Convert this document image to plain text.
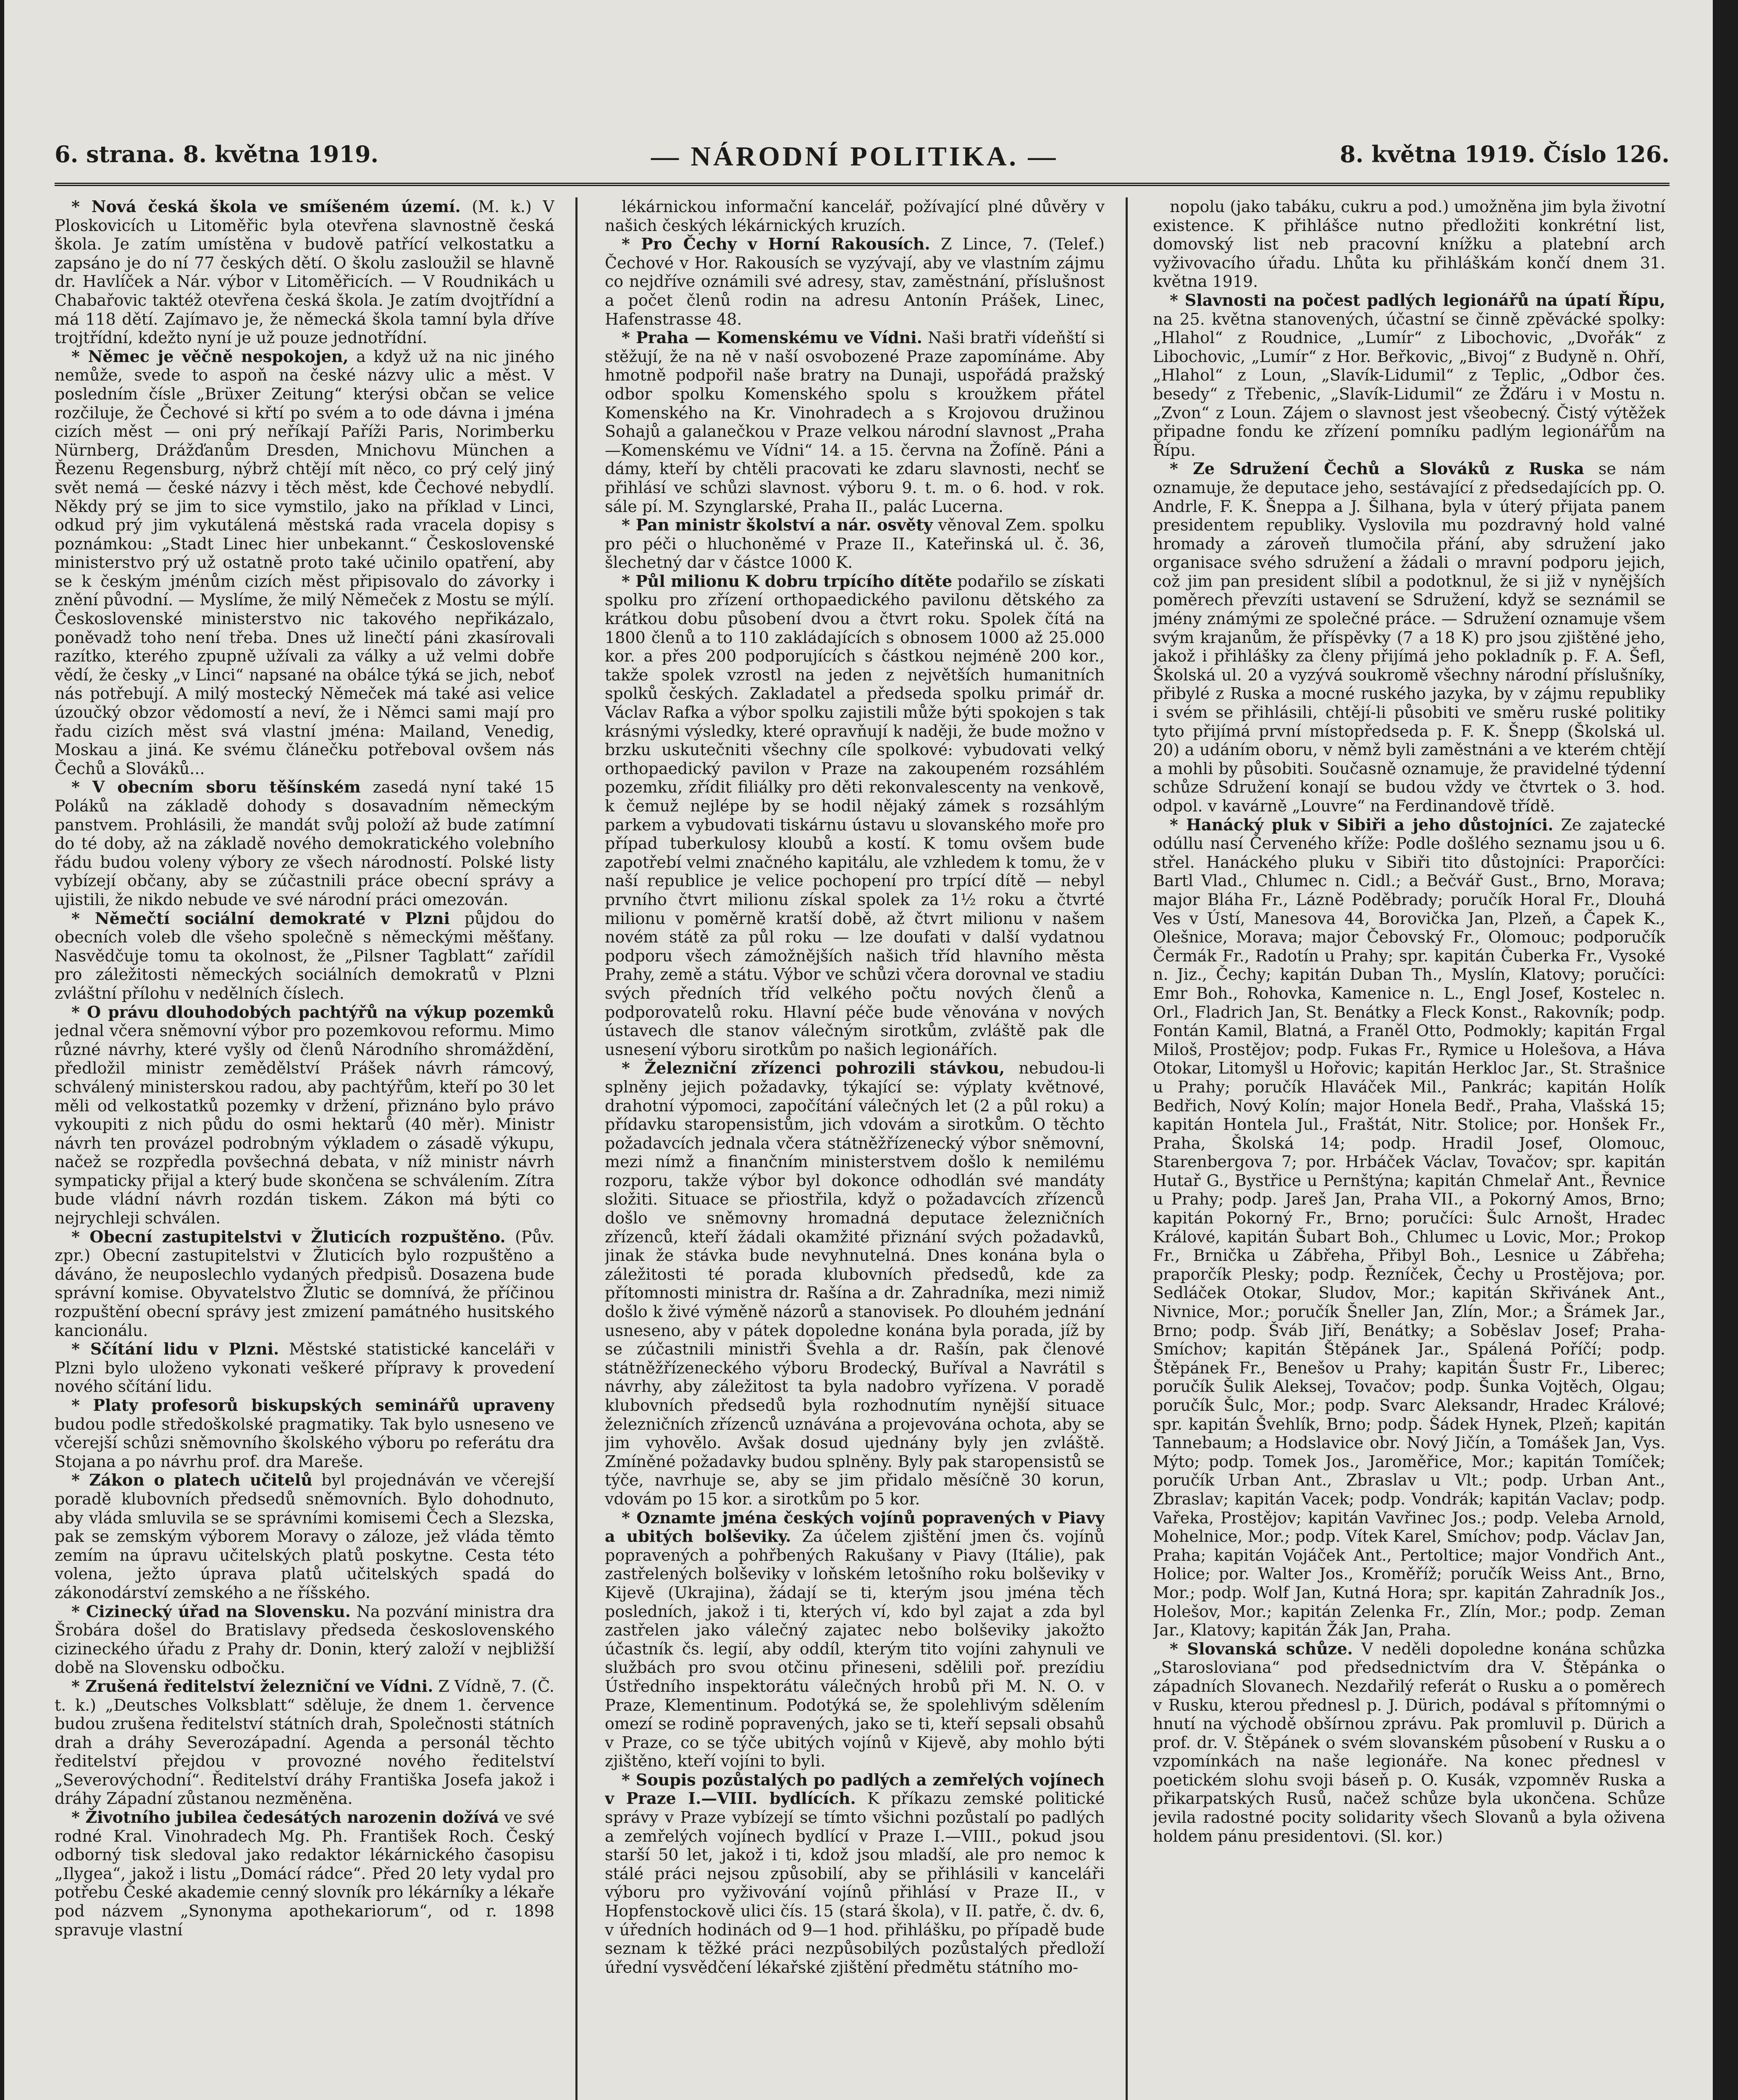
6. strana. 8. května 1919.	— NÁRODNÍ POLITIKA. —	8. května 1919. Číslo 126.

* Nová česká škola ve smíšeném území. (M. k.) V Ploskovicích u Litoměřic byla otevřena slavnostně česká škola. Je zatím umístěna v budově patřící velkostatku a zapsáno je do ní 77 českých dětí. O školu zasloužil se hlavně dr. Havlíček a Nár. výbor v Litoměřicích. — V Roudnikách u Chabařovic taktéž otevřena česká škola. Je zatím dvojtřídní a má 118 dětí. Zajímavo je, že německá škola tamní byla dříve trojtřídní, kdežto nyní je už pouze jednotřídní.

* Němec je věčně nespokojen, a když už na nic jiného nemůže, svede to aspoň na české názvy ulic a měst. V posledním čísle „Brüxer Zeitung“ kterýsi občan se velice rozčiluje, že Čechové si křtí po svém a to ode dávna i jména cizích měst — oni prý neříkají Paříži Paris, Norimberku Nürnberg, Drážďanům Dresden, Mnichovu München a Řezenu Regensburg, nýbrž chtějí mít něco, co prý celý jiný svět nemá — české názvy i těch měst, kde Čechové nebydlí. Někdy prý se jim to sice vymstilo, jako na příklad v Linci, odkud prý jim vykutálená městská rada vracela dopisy s poznámkou: „Stadt Linec hier unbekannt.“ Československé ministerstvo prý už ostatně proto také učinilo opatření, aby se k českým jménům cizích měst připisovalo do závorky i znění původní. — Myslíme, že milý Němeček z Mostu se mýlí. Československé ministerstvo nic takového nepřikázalo, poněvadž toho není třeba. Dnes už linečtí páni zkasírovali razítko, kterého zpupně užívali za války a už velmi dobře vědí, že česky „v Linci“ napsané na obálce týká se jich, neboť nás potřebují. A milý mostecký Němeček má také asi velice úzoučký obzor vědomostí a neví, že i Němci sami mají pro řadu cizích měst svá vlastní jména: Mailand, Venedig, Moskau a jiná. Ke svému článečku potřeboval ovšem nás Čechů a Slováků...

* V obecním sboru těšínském zasedá nyní také 15 Poláků na základě dohody s dosavadním německým panstvem. Prohlásili, že mandát svůj položí až bude zatímní do té doby, až na základě nového demokratického volebního řádu budou voleny výbory ze všech národností. Polské listy vybízejí občany, aby se zúčastnili práce obecní správy a ujistili, že nikdo nebude ve své národní práci omezován.

* Němečtí sociální demokraté v Plzni půjdou do obecních voleb dle všeho společně s německými měšťany. Nasvědčuje tomu ta okolnost, že „Pilsner Tagblatt“ zařídil pro záležitosti německých sociálních demokratů v Plzni zvláštní přílohu v nedělních číslech.

* O právu dlouhodobých pachtýřů na výkup pozemků jednal včera sněmovní výbor pro pozemkovou reformu. Mimo různé návrhy, které vyšly od členů Národního shromáždění, předložil ministr zemědělství Prášek návrh rámcový, schválený ministerskou radou, aby pachtýřům, kteří po 30 let měli od velkostatků pozemky v držení, přiznáno bylo právo vykoupiti z nich půdu do osmi hektarů (40 měr). Ministr návrh ten provázel podrobným výkladem o zásadě výkupu, načež se rozpředla povšechná debata, v níž ministr návrh sympaticky přijal a který bude skončena se schválením. Zítra bude vládní návrh rozdán tiskem. Zákon má býti co nejrychleji schválen.

* Obecní zastupitelstvi v Žluticích rozpuštěno. (Pův. zpr.) Obecní zastupitelstvi v Žluticích bylo rozpuštěno a dáváno, že neuposlechlo vydaných předpisů. Dosazena bude správní komise. Obyvatelstvo Žlutic se domnívá, že příčinou rozpuštění obecní správy jest zmizení památného husitského kancionálu.

* Sčítání lidu v Plzni. Městské statistické kanceláři v Plzni bylo uloženo vykonati veškeré přípravy k provedení nového sčítání lidu.

* Platy profesorů biskupských seminářů upraveny budou podle středoškolské pragmatiky. Tak bylo usneseno ve včerejší schůzi sněmovního školského výboru po referátu dra Stojana a po návrhu prof. dra Mareše.

* Zákon o platech učitelů byl projednáván ve včerejší poradě klubovních předsedů sněmovních. Bylo dohodnuto, aby vláda smluvila se se správními komisemi Čech a Slezska, pak se zemským výborem Moravy o záloze, jež vláda těmto zemím na úpravu učitelských platů poskytne. Cesta této volena, ježto úprava platů učitelských spadá do zákonodárství zemského a ne říšského.

* Cizinecký úřad na Slovensku. Na pozvání ministra dra Šrobára došel do Bratislavy předseda československého cizineckého úřadu z Prahy dr. Donin, který založí v nejbližší době na Slovensku odbočku.

* Zrušená ředitelství železniční ve Vídni. Z Vídně, 7. (Č. t. k.) „Deutsches Volksblatt“ sděluje, že dnem 1. července budou zrušena ředitelství státních drah, Společnosti státních drah a dráhy Severozápadní. Agenda a personál těchto ředitelství přejdou v provozné nového ředitelství „Severovýchodní“. Ředitelství dráhy Františka Josefa jakož i dráhy Západní zůstanou nezměněna.

* Životního jubilea čedesátých narozenin dožívá ve své rodné Kral. Vinohradech Mg. Ph. František Roch. Český odborný tisk sledoval jako redaktor lékárnického časopisu „Ilygea“, jakož i listu „Domácí rádce“. Před 20 lety vydal pro potřebu České akademie cenný slovník pro lékárníky a lékaře pod názvem „Synonyma apothekariorum“, od r. 1898 spravuje vlastní

lékárnickou informační kancelář, požívající plné důvěry v našich českých lékárnických kruzích.

* Pro Čechy v Horní Rakousích. Z Lince, 7. (Telef.) Čechové v Hor. Rakousích se vyzývají, aby ve vlastním zájmu co nejdříve oznámili své adresy, stav, zaměstnání, příslušnost a počet členů rodin na adresu Antonín Prášek, Linec, Hafenstrasse 48.

* Praha — Komenskému ve Vídni. Naši bratři vídeňští si stěžují, že na ně v naší osvobozené Praze zapomínáme. Aby hmotně podpořil naše bratry na Dunaji, uspořádá pražský odbor spolku Komenského spolu s kroužkem přátel Komenského na Kr. Vinohradech a s Krojovou družinou Sohajů a galanečkou v Praze velkou národní slavnost „Praha—Komenskému ve Vídni“ 14. a 15. června na Žofíně. Páni a dámy, kteří by chtěli pracovati ke zdaru slavnosti, nechť se přihlásí ve schůzi slavnost. výboru 9. t. m. o 6. hod. v rok. sále pí. M. Szynglarské, Praha II., palác Lucerna.

* Pan ministr školství a nár. osvěty věnoval Zem. spolku pro péči o hluchoněmé v Praze II., Kateřinská ul. č. 36, šlechetný dar v částce 1000 K.

* Půl milionu K dobru trpícího dítěte podařilo se získati spolku pro zřízení orthopaedického pavilonu dětského za krátkou dobu působení dvou a čtvrt roku. Spolek čítá na 1800 členů a to 110 zakládajících s obnosem 1000 až 25.000 kor. a přes 200 podporujících s částkou nejméně 200 kor., takže spolek vzrostl na jeden z největších humanitních spolků českých. Zakladatel a předseda spolku primář dr. Václav Rafka a výbor spolku zajistili může býti spokojen s tak krásnými výsledky, které opravňují k naději, že bude možno v brzku uskutečniti všechny cíle spolkové: vybudovati velký orthopaedický pavilon v Praze na zakoupeném rozsáhlém pozemku, zřídit filiálky pro děti rekonvalescenty na venkově, k čemuž nejlépe by se hodil nějaký zámek s rozsáhlým parkem a vybudovati tiskárnu ústavu u slovanského moře pro případ tuberkulosy kloubů a kostí. K tomu ovšem bude zapotřebí velmi značného kapitálu, ale vzhledem k tomu, že v naší republice je velice pochopení pro trpící dítě — nebyl prvního čtvrt milionu získal spolek za 1½ roku a čtvrté milionu v poměrně kratší době, až čtvrt milionu v našem novém státě za půl roku — lze doufati v další vydatnou podporu všech zámožnějších našich tříd hlavního města Prahy, země a státu. Výbor ve schůzi včera dorovnal ve stadiu svých předních tříd velkého počtu nových členů a podporovatelů roku. Hlavní péče bude věnována v nových ústavech dle stanov válečným sirotkům, zvláště pak dle usnesení výboru sirotkům po našich legionářích.

* Železniční zřízenci pohrozili stávkou, nebudou-li splněny jejich požadavky, týkající se: výplaty květnové, drahotní výpomoci, započítání válečných let (2 a půl roku) a přídavku staropensistům, jich vdovám a sirotkům. O těchto požadavcích jednala včera státněžřízenecký výbor sněmovní, mezi nímž a finančním ministerstvem došlo k nemilému rozporu, takže výbor byl dokonce odhodlán své mandáty složiti. Situace se přiostřila, když o požadavcích zřízenců došlo ve sněmovny hromadná deputace železničních zřízenců, kteří žádali okamžité přiznání svých požadavků, jinak že stávka bude nevyhnutelná. Dnes konána byla o záležitosti té porada klubovních předsedů, kde za přítomnosti ministra dr. Rašína a dr. Zahradníka, mezi nimiž došlo k živé výměně názorů a stanovisek. Po dlouhém jednání usneseno, aby v pátek dopoledne konána byla porada, jíž by se zúčastnili ministři Švehla a dr. Rašín, pak členové státněžřízeneckého výboru Brodecký, Buříval a Navrátil s návrhy, aby záležitost ta byla nadobro vyřízena. V poradě klubovních předsedů byla rozhodnutím nynější situace železničních zřízenců uznávána a projevována ochota, aby se jim vyhovělo. Avšak dosud ujednány byly jen zvláště. Zmíněné požadavky budou splněny. Byly pak staropensistů se týče, navrhuje se, aby se jim přidalo měsíčně 30 korun, vdovám po 15 kor. a sirotkům po 5 kor.

* Oznamte jména českých vojínů popravených v Piavy a ubitých bolševiky. Za účelem zjištění jmen čs. vojínů popravených a pohřbených Rakušany v Piavy (Itálie), pak zastřelených bolševiky v loňském letošního roku bolševiky v Kijevě (Ukrajina), žádají se ti, kterým jsou jména těch posledních, jakož i ti, kterých ví, kdo byl zajat a zda byl zastřelen jako válečný zajatec nebo bolševiky jakožto účastník čs. legií, aby oddíl, kterým tito vojíni zahynuli ve službách pro svou otčinu přineseni, sdělili poř. prezídiu Ústředního inspektorátu válečných hrobů při M. N. O. v Praze, Klementinum. Podotýká se, že spolehlivým sdělením omezí se rodině popravených, jako se ti, kteří sepsali obsahů v Praze, co se týče ubitých vojínů v Kijevě, aby mohlo býti zjištěno, kteří vojíni to byli.

* Soupis pozůstalých po padlých a zemřelých vojínech v Praze I.—VIII. bydlících. K příkazu zemské politické správy v Praze vybízejí se tímto všichni pozůstalí po padlých a zemřelých vojínech bydlící v Praze I.—VIII., pokud jsou starší 50 let, jakož i ti, kdož jsou mladší, ale pro nemoc k stálé práci nejsou způsobilí, aby se přihlásili v kanceláři výboru pro vyživování vojínů přihlásí v Praze II., v Hopfenstockově ulici čís. 15 (stará škola), v II. patře, č. dv. 6, v úředních hodinách od 9—1 hod. přihlášku, po případě bude seznam k těžké práci nezpůsobilých pozůstalých předloží úřední vysvědčení lékařské zjištění předmětu státního mo-

nopolu (jako tabáku, cukru a pod.) umožněna jim byla životní existence. K přihlášce nutno předložiti konkrétní list, domovský list neb pracovní knížku a platební arch vyživovacího úřadu. Lhůta ku přihláškám končí dnem 31. května 1919.

* Slavnosti na počest padlých legionářů na úpatí Řípu, na 25. května stanovených, účastní se činně zpěvácké spolky: „Hlahol“ z Roudnice, „Lumír“ z Libochovic, „Dvořák“ z Libochovic, „Lumír“ z Hor. Beřkovic, „Bivoj“ z Budyně n. Ohří, „Hlahol“ z Loun, „Slavík-Lidumil“ z Teplic, „Odbor čes. besedy“ z Třebenic, „Slavík-Lidumil“ ze Žďáru i v Mostu n. „Zvon“ z Loun. Zájem o slavnost jest všeobecný. Čistý výtěžek připadne fondu ke zřízení pomníku padlým legionářům na Řípu.

* Ze Sdružení Čechů a Slováků z Ruska se nám oznamuje, že deputace jeho, sestávající z předsedajících pp. O. Andrle, F. K. Šneppa a J. Šilhana, byla v úterý přijata panem presidentem republiky. Vyslovila mu pozdravný hold valné hromady a zároveň tlumočila přání, aby sdružení jako organisace svého sdružení a žádali o mravní podporu jejich, což jim pan president slíbil a podotknul, že si již v nynějších poměrech převzíti ustavení se Sdružení, když se seznámil se jmény známými ze společné práce. — Sdružení oznamuje všem svým krajanům, že příspěvky (7 a 18 K) pro jsou zjištěné jeho, jakož i přihlášky za členy přijímá jeho pokladník p. F. A. Šefl, Školská ul. 20 a vyzývá soukromě všechny národní příslušníky, přibylé z Ruska a mocné ruského jazyka, by v zájmu republiky i svém se přihlásili, chtějí-li působiti ve směru ruské politiky tyto přijímá první místopředseda p. F. K. Šnepp (Školská ul. 20) a udáním oboru, v němž byli zaměstnáni a ve kterém chtějí a mohli by působiti. Současně oznamuje, že pravidelné týdenní schůze Sdružení konají se budou vždy ve čtvrtek o 3. hod. odpol. v kavárně „Louvre“ na Ferdinandově třídě.

* Hanácký pluk v Sibiři a jeho důstojníci. Ze zajatecké odúllu nasí Červeného kříže: Podle došlého seznamu jsou u 6. střel. Hanáckého pluku v Sibiři tito důstojníci: Praporčíci: Bartl Vlad., Chlumec n. Cidl.; a Bečvář Gust., Brno, Morava; major Bláha Fr., Lázně Poděbrady; poručík Horal Fr., Dlouhá Ves v Ústí, Manesova 44, Borovička Jan, Plzeň, a Čapek K., Olešnice, Morava; major Čebovský Fr., Olomouc; podporučík Čermák Fr., Radotín u Prahy; spr. kapitán Čuberka Fr., Vysoké n. Jiz., Čechy; kapitán Duban Th., Myslín, Klatovy; poručíci: Emr Boh., Rohovka, Kamenice n. L., Engl Josef, Kostelec n. Orl., Fladrich Jan, St. Benátky a Fleck Konst., Rakovník; podp. Fontán Kamil, Blatná, a Franěl Otto, Podmokly; kapitán Frgal Miloš, Prostějov; podp. Fukas Fr., Rymice u Holešova, a Háva Otokar, Litomyšl u Hořovic; kapitán Herkloc Jar., St. Strašnice u Prahy; poručík Hlaváček Mil., Pankrác; kapitán Holík Bedřich, Nový Kolín; major Honela Bedř., Praha, Vlašská 15; kapitán Hontela Jul., Fraštát, Nitr. Stolice; por. Honšek Fr., Praha, Školská 14; podp. Hradil Josef, Olomouc, Starenbergova 7; por. Hrbáček Václav, Tovačov; spr. kapitán Hutař G., Bystřice u Pernštýna; kapitán Chmelař Ant., Řevnice u Prahy; podp. Jareš Jan, Praha VII., a Pokorný Amos, Brno; kapitán Pokorný Fr., Brno; poručíci: Šulc Arnošt, Hradec Králové, kapitán Šubart Boh., Chlumec u Lovic, Mor.; Prokop Fr., Brnička u Zábřeha, Přibyl Boh., Lesnice u Zábřeha; praporčík Plesky; podp. Řezníček, Čechy u Prostějova; por. Sedláček Otokar, Sludov, Mor.; kapitán Skřivánek Ant., Nivnice, Mor.; poručík Šneller Jan, Zlín, Mor.; a Šrámek Jar., Brno; podp. Šváb Jiří, Benátky; a Soběslav Josef; Praha-Smíchov; kapitán Štěpánek Jar., Spálená Poříčí; podp. Štěpánek Fr., Benešov u Prahy; kapitán Šustr Fr., Liberec; poručík Šulik Aleksej, Tovačov; podp. Šunka Vojtěch, Olgau; poručík Šulc, Mor.; podp. Svarc Aleksandr, Hradec Králové; spr. kapitán Švehlík, Brno; podp. Šádek Hynek, Plzeň; kapitán Tannebaum; a Hodslavice obr. Nový Jičín, a Tomášek Jan, Vys. Mýto; podp. Tomek Jos., Jaroměřice, Mor.; kapitán Tomíček; poručík Urban Ant., Zbraslav u Vlt.; podp. Urban Ant., Zbraslav; kapitán Vacek; podp. Vondrák; kapitán Vaclav; podp. Vařeka, Prostějov; kapitán Vavřinec Jos.; podp. Veleba Arnold, Mohelnice, Mor.; podp. Vítek Karel, Smíchov; podp. Václav Jan, Praha; kapitán Vojáček Ant., Pertoltice; major Vondřich Ant., Holice; por. Walter Jos., Kroměříž; poručík Weiss Ant., Brno, Mor.; podp. Wolf Jan, Kutná Hora; spr. kapitán Zahradník Jos., Holešov, Mor.; kapitán Zelenka Fr., Zlín, Mor.; podp. Zeman Jar., Klatovy; kapitán Žák Jan, Praha.

* Slovanská schůze. V neděli dopoledne konána schůzka „Starosloviana“ pod předsednictvím dra V. Štěpánka o západních Slovanech. Nezdařilý referát o Rusku a o poměrech v Rusku, kterou přednesl p. J. Dürich, podával s přítomnými o hnutí na východě obšírnou zprávu. Pak promluvil p. Dürich a prof. dr. V. Štěpánek o svém slovanském působení v Rusku a o vzpomínkách na naše legionáře. Na konec přednesl v poetickém slohu svoji báseň p. O. Kusák, vzpomněv Ruska a přikarpatských Rusů, načež schůze byla ukončena. Schůze jevila radostné pocity solidarity všech Slovanů a byla oživena holdem pánu presidentovi. (Sl. kor.)
